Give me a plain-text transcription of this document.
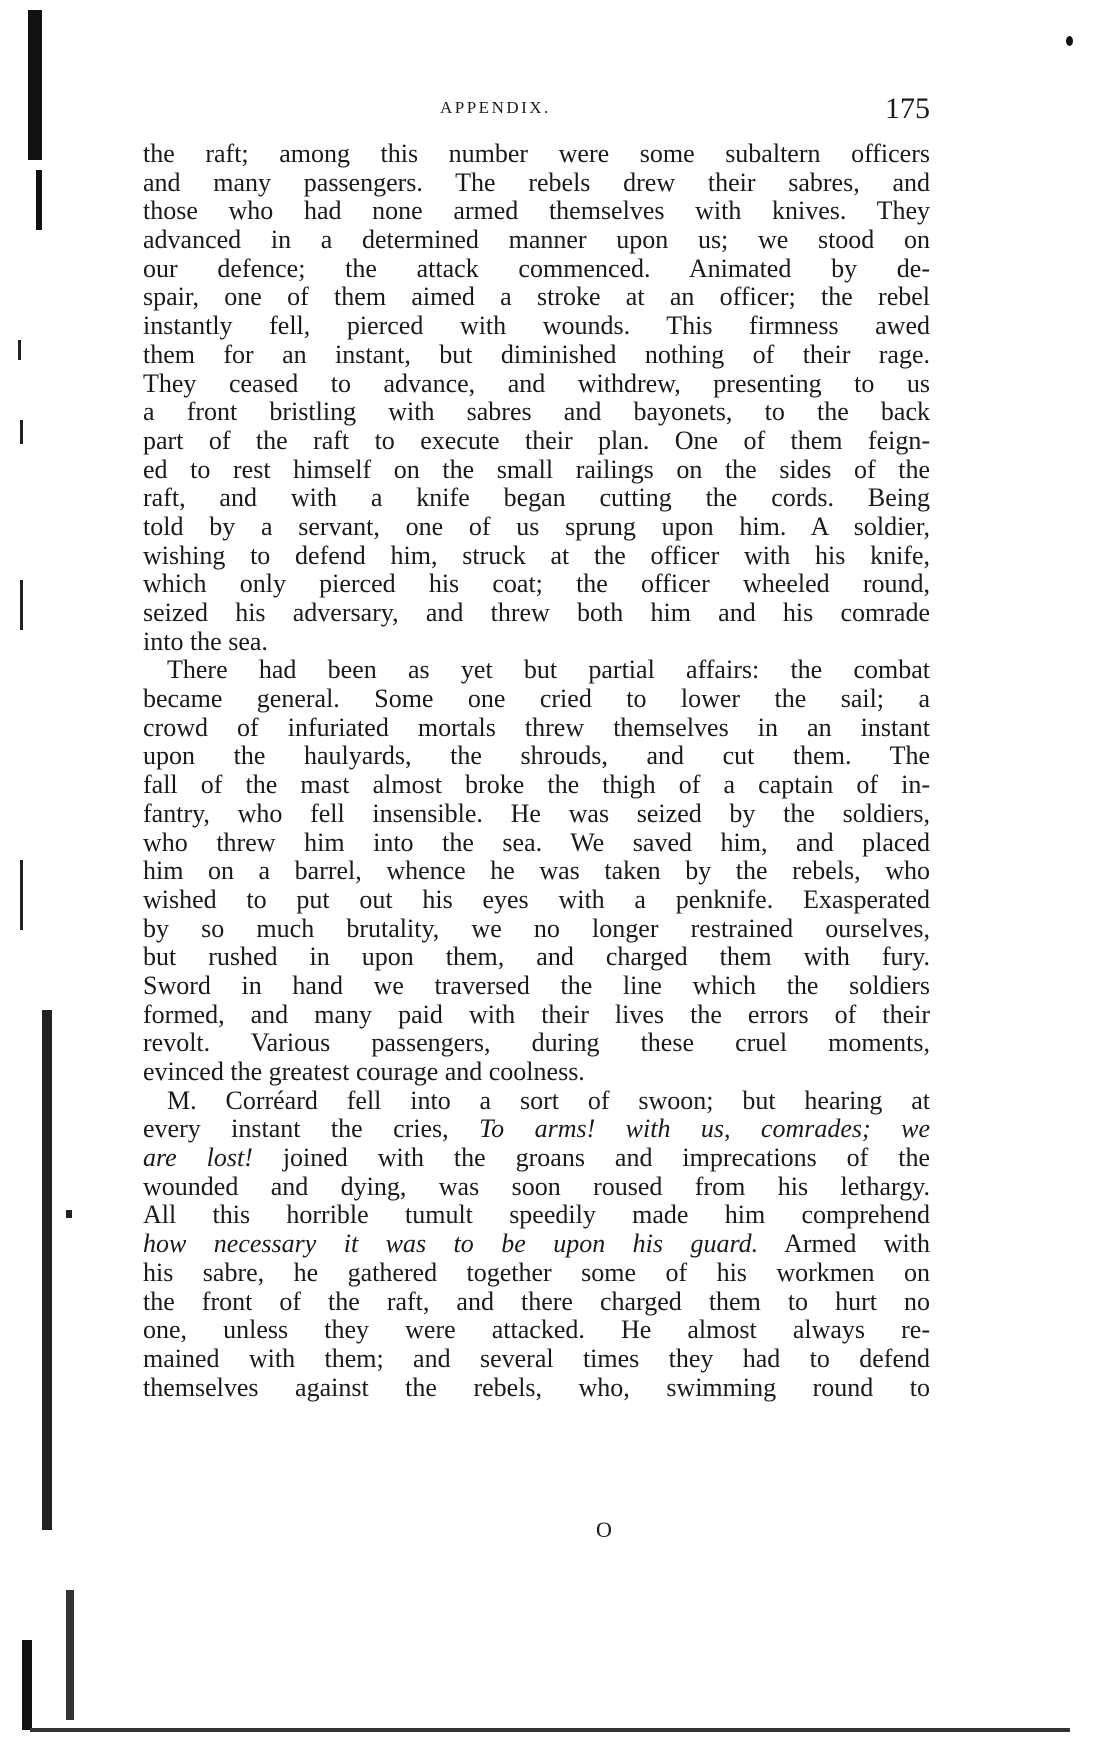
APPENDIX.	175
the raft; among this number were some subaltern officers
and many passengers. The rebels drew their sabres, and
those who had none armed themselves with knives. They
advanced in a determined manner upon us; we stood on
our defence; the attack commenced. Animated by de-
spair, one of them aimed a stroke at an officer; the rebel
instantly fell, pierced with wounds. This firmness awed
them for an instant, but diminished nothing of their rage.
They ceased to advance, and withdrew, presenting to us
a front bristling with sabres and bayonets, to the back
part of the raft to execute their plan. One of them feign-
ed to rest himself on the small railings on the sides of the
raft, and with a knife began cutting the cords. Being
told by a servant, one of us sprung upon him. A soldier,
wishing to defend him, struck at the officer with his knife,
which only pierced his coat; the officer wheeled round,
seized his adversary, and threw both him and his comrade
into the sea.
There had been as yet but partial affairs: the combat
became general. Some one cried to lower the sail; a
crowd of infuriated mortals threw themselves in an instant
upon the haulyards, the shrouds, and cut them. The
fall of the mast almost broke the thigh of a captain of in-
fantry, who fell insensible. He was seized by the soldiers,
who threw him into the sea. We saved him, and placed
him on a barrel, whence he was taken by the rebels, who
wished to put out his eyes with a penknife. Exasperated
by so much brutality, we no longer restrained ourselves,
but rushed in upon them, and charged them with fury.
Sword in hand we traversed the line which the soldiers
formed, and many paid with their lives the errors of their
revolt. Various passengers, during these cruel moments,
evinced the greatest courage and coolness.
M. Corréard fell into a sort of swoon; but hearing at
every instant the cries, To arms! with us, comrades; we
are lost! joined with the groans and imprecations of the
wounded and dying, was soon roused from his lethargy.
All this horrible tumult speedily made him comprehend
how necessary it was to be upon his guard. Armed with
his sabre, he gathered together some of his workmen on
the front of the raft, and there charged them to hurt no
one, unless they were attacked. He almost always re-
mained with them; and several times they had to defend
themselves against the rebels, who, swimming round to
O
